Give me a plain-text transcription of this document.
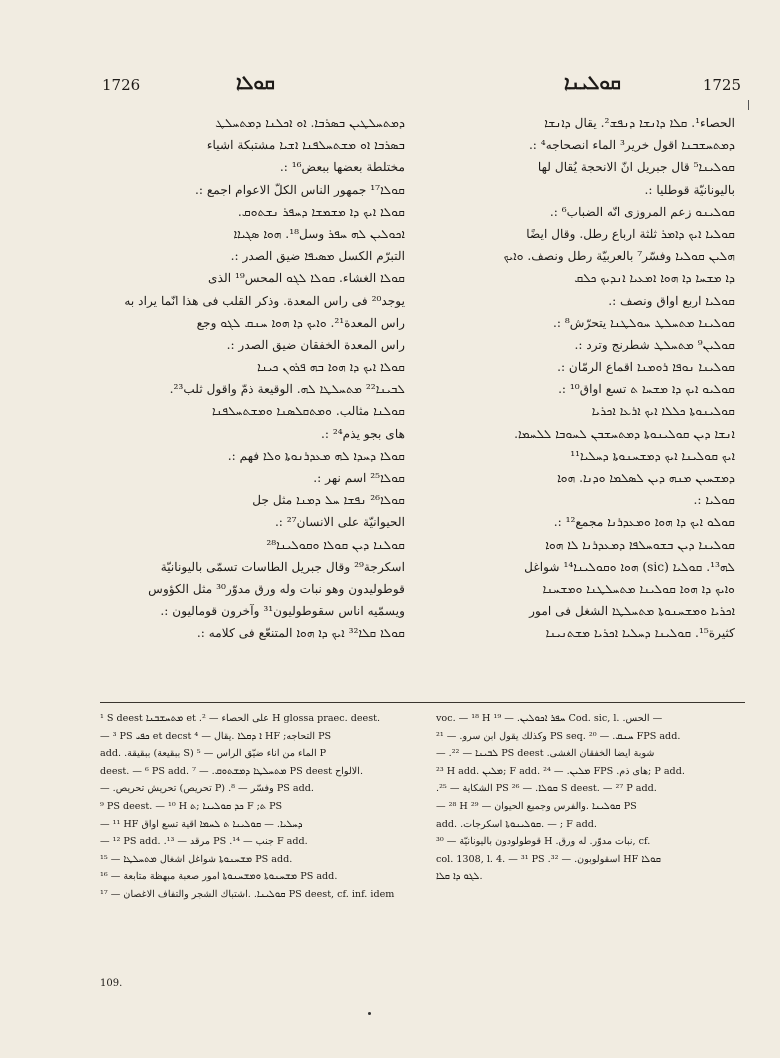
1726	ܩܘܠܐ	ܩܘܠܝܢܐ	1725
ܕܡܬܚܠܛܝܢ ܒܣܪܒܐ. ܐܘ ܐܟܠܢܐ ܕܡܬܚܠܛ
ܒܣܪܒܐ ܐܘ ܡܫܬܚܠܦܢܐ ܐܫܝܐ مشتبكة اشياء
مختلطة بعضها ببعض¹⁶ :.
ܩܘܠܐ¹⁷ جمهور الناس الكلّ الاعوام اجمع :.
ܩܘܠܐ ܐܝܟ ܕܐ ܡܫܡܫܐ ܕܚܦܪ ܢܫܬܘܩ.
ܐܟܘܠܝܢ ܠܗ ܚܦܪ وسل¹⁸. ܗܘܐ ܣܓܝܐܐ
التبرّم الكسل ܡܣܝܦܐ ضيق الصدر :.
ܩܘܠܐ الغشاء. ܩܘܠܐ ܠܓܘ المحس¹⁹ الذى
يوجد²⁰ فى راس المعدة. وذكر القلب فى هذا انّما يراد به
راس المعدة²¹. ܘܐܝܟ ܕܐ ܗܘܐ ܚܢܩ ܠܓܘ وجع
راس المعدة الخفقان ضيق الصدر :.
ܩܘܠܐ ܐܝܟ ܕܐ ܗܘܐ ܒܗ ܦܪܘܢ ܟܝܢܐ
ܠܒܝܢܐ²² ܡܬܚܠܛܐ ܠܗ. الوقيعة ذمّ واقول ثلب²³.
ܩܘܠܢܐ مثالب. ܘܡܬܩܠܣܢܐ ܘܡܫܬܚܠܦܢܐ
هاى بجو يذم²⁴ :.
ܩܘܠܐ ܕܚܕܐ ܠܗ ܡܥܕܪܢܘܬܐ ܘܠܐ فهم :.
ܩܘܠܐ²⁵ اسم نهر :.
ܩܘܠܐ²⁶ ܢܦܫܐ ܚܠ ܕܡܢܐ مثل جل
الحيوانيّة على الانسان²⁷ :.
ܩܘܠܢܐ ܕܝܢ ܩܘܠܐ ܘܩܘܠܝܢܐ²⁸
اسكرجة²⁹ وقال جبريل الطاسات تسمّى باليونانيّة
قوطوليدون وهو نبات وله ورق مدوّر³⁰ مثل الكؤوس
ويسمّيه اناس سقوطوليون³¹ وآخرون قوماليون :.
ܩܘܠܐ ܩܠܐ³² ܐܝܟ ܕܐ ܗܘܐ المتنعّع فى كلامه :.
الحصاء¹. ܩܠܐ ܕܐܢܫܐ ܕܢܦܫ². يقال ܕܐܢܫܐ
ܕܡܬܚܫܒܢܐ اقول خرير³ الماء انصحاجه⁴ :.
ܩܘܠܝܢܐ⁵ قال جبريل انّ الانحجة يُقال لها
باليونانيّة قوطليا :.
ܩܘܠܝܢܘ زعم المروزى انّه الضباب⁶ :.
ܩܘܠܝܐ ܐܝܟ ܕܐܡܪ ثلثة ارباع رطل. وقال ايضًا
ܗܠܝܢ ܩܘܠܝܐ وفسّر⁷ بالعربيّة رطل ونصف. ܘܐܝܟ
ܕܐ ܡܫܚܐ ܕܐ ܗܘܐ ܐܡܥܝܐ ܐܢܕܝܟ ܟܠܩ
ܩܘܠܝܐ اربع اواق ونصف :.
ܩܘܠܝܢܐ ܡܬܚܠܛ ܚܘܠܛܢܐ يتحرّش⁸ :.
ܩܘܠܝܢ⁹ ܡܬܚܠܛ شطرنج وترد :.
ܩܘܠܝܢܐ ܢܘܦܐ ܪܘܡܢܐ اقماع الرمّان :.
ܩܘܠܝܘ ܐܝܟ ܕܐ ܡܫܚܐ ܬ تسع اواق¹⁰ :.
ܩܘܠܝܢܘܬܐ ܟܠܠܐ ܐܝܟ ܐܪܥܐ ܐܟܪܝܐ
ܐܢܫܐ ܕܝܢ ܩܘܠܝܢܘܬܐ ܕܡܬܚܫܒܢ ܠܚܘܒܐ ܠܠܚܡܐ.
ܐܝܟ ܩܘܠܝܢܐ ܐܝܟ ܕܡܫܚܢܘܬܐ ܕܚܠܝܐ¹¹
ܕܡܫܚܝܢ ܡܢܗ ܕܝܢ ܠܣܠܡܐ ܘܕܢܐ. ܗܘܐ
ܩܘܠܝܐ :.
ܩܘܠܘ ܐܝܟ ܕܐ ܗܘܐ ܘܡܥܕܪܢܐ مجمع¹² :.
ܩܘܠܝܢܐ ܕܝܢ ܒܫܘܚܠܦܐ ܕܡܥܕܪܢܐ ܠܐ ܗܘܐ
ܠܗ¹³. ܩܘܠܝܐ (sic) ܗܘܐ ܘܩܘܠܝܢܐ¹⁴ شواغل
ܘܐܝܟ ܕܐ ܗܘܐ ܩܘܠܝܢܐ ܡܬܚܠܛܢܐ ܘܡܫܚܢܐ
ܐܟܪܝܐ ܘܡܫܚܢܘܬܐ ܡܬܚܠܛܐ الشغل فى امور
كثيرة¹⁵. ܩܘܠܝܢܐ ܕܚܠܝܐ ܐܟܪܝܐ ܡܫܬܢܝܢܐ
¹ S deest ܡܬܚܫܒܢܐ et .على الحصاء — ² H glossa praec. deest.
— ³ PS ܟܦܝ et decst ܐ ܕܩܠܐ .يقال — ⁴ HF ;التحاجه PS
add. .ببقيقة (ببقيعة S) الماء من اناء ضيّق الراس — ⁵ P
deest. — ⁶ PS add. ܡܬܚܠܛܐ ܕܡܫܬܘܩ. — ⁷ PS deest الالواح.
— .تحريش تحريص (تحريص P) .وفسّر — ⁸ PS add.
⁹ PS deest. — ¹⁰ H ܟܕ ܩܘܠܝܢܐ ;ܬ F ;ܬ PS
— ¹¹ HF ܕܚܠܝܐ. — ܩܘܠܝܢܐ ܬ ܠܚܡܐ اقية تسع اواق
— ¹² PS add. .مرقد — ¹³ PS .جنب — ¹⁴ F add.
ܡܫܚܢܘܬܐ شواغل اشغال ܡܬܚܠܛܐ — ¹⁵ PS add.
ܡܫܚܢܘܬܐ ܘܡܫܚܢܘܬܐ امور صعبة مبهظة متابعة — ¹⁶ PS add.
ܩܘܠܝܢܐ. .اشتباك الشجر والتفاف الاغصان — ¹⁷ PS deest, cf. inf. idem
voc. — ¹⁸ H ܚܦܪ ܐܟܘܠܝܢ. — ¹⁹ Cod. sic, l. .الحس —
وكذلك يقول ابن سرو. — ²¹ PS seq. ܚܢܩ. — ²⁰ FPS add.
— .ܠܒܝܢܐ — ²² PS deest .شوبة ايضا الخفقان الغشى
²³ H add. ܡܠܝܢ; F add. ܡܠܝܢ. — ²⁴ FPS .هاى ذم; P add.
.الشكاية — ²⁵ PS ܩܘܠܐ. — ²⁶ S deest. — ²⁷ P add.
— ²⁸ H ܩܘܠܝܢܐ .والفرس وجميع الحيوان — ²⁹ PS
add. .ܩܘܠܝܢܘܬܐ اسكرجات. — ; F add.
قوطولودون باليونانيّة — ³⁰ H .نبات مدوّر. له ورق, cf.
col. 1308, l. 4. — ³¹ PS .اسقولوبون. — ³² HF ܩܘܠܐ
ܠܓܘ ܕܐ ܩܠܐ.
109.
